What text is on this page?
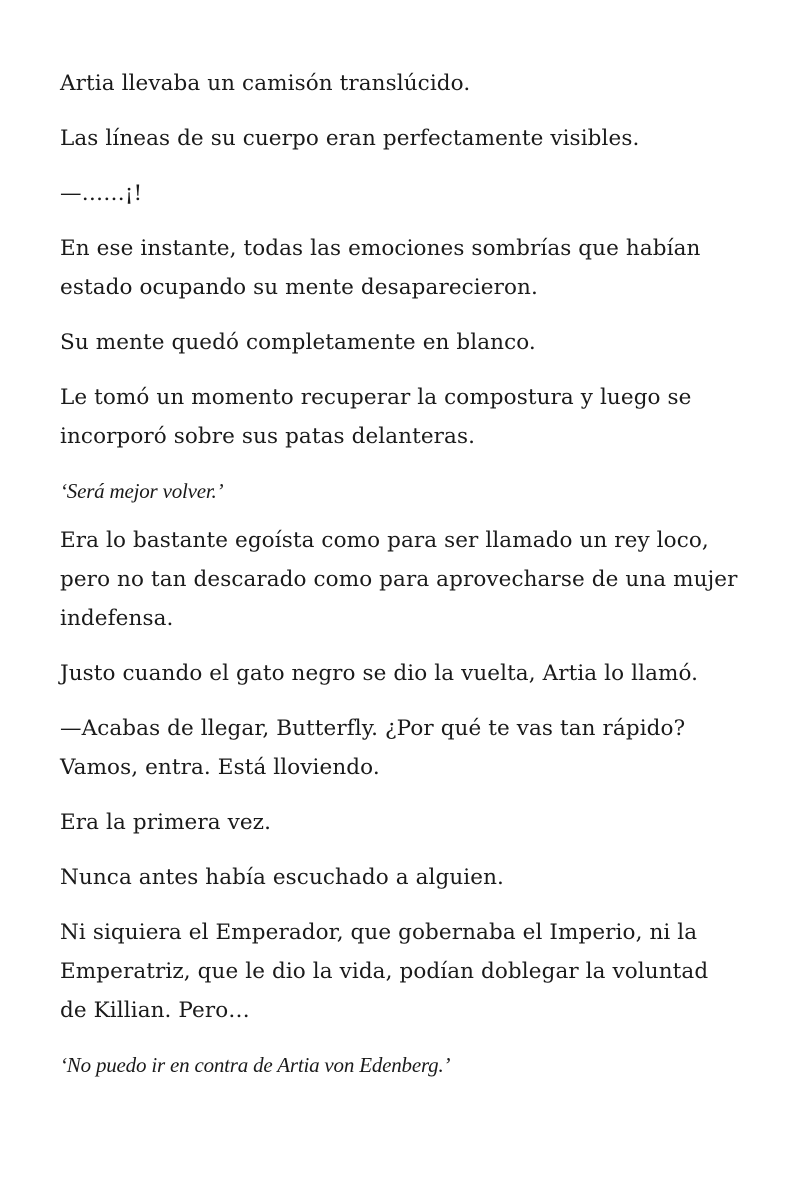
Artia llevaba un camisón translúcido.

Las líneas de su cuerpo eran perfectamente visibles.

—……¡!

En ese instante, todas las emociones sombrías que habían estado ocupando su mente desaparecieron.

Su mente quedó completamente en blanco.

Le tomó un momento recuperar la compostura y luego se incorporó sobre sus patas delanteras.

‘Será mejor volver.’

Era lo bastante egoísta como para ser llamado un rey loco, pero no tan descarado como para aprovecharse de una mujer indefensa.

Justo cuando el gato negro se dio la vuelta, Artia lo llamó.

—Acabas de llegar, Butterfly. ¿Por qué te vas tan rápido? Vamos, entra. Está lloviendo.

Era la primera vez.

Nunca antes había escuchado a alguien.

Ni siquiera el Emperador, que gobernaba el Imperio, ni la Emperatriz, que le dio la vida, podían doblegar la voluntad de Killian. Pero…

‘No puedo ir en contra de Artia von Edenberg.’
